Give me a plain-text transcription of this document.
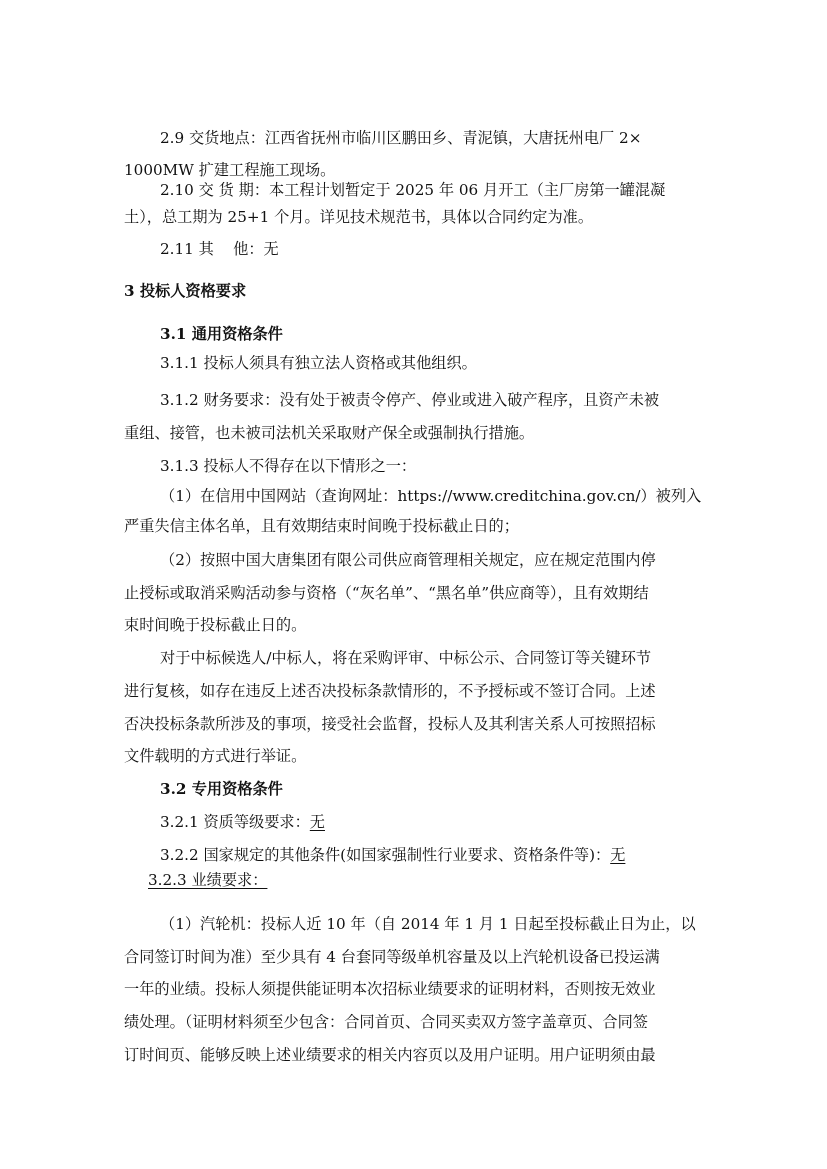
2.9 交货地点：江西省抚州市临川区鹏田乡、青泥镇，大唐抚州电厂 2×
1000MW 扩建工程施工现场。
2.10 交 货 期：本工程计划暂定于 2025 年 06 月开工（主厂房第一罐混凝
土），总工期为 25+1 个月。详见技术规范书，具体以合同约定为准。
2.11 其    他：无
3 投标人资格要求
3.1 通用资格条件
3.1.1 投标人须具有独立法人资格或其他组织。
3.1.2 财务要求：没有处于被责令停产、停业或进入破产程序，且资产未被
重组、接管，也未被司法机关采取财产保全或强制执行措施。
3.1.3 投标人不得存在以下情形之一：
（1）在信用中国网站（查询网址：https://www.creditchina.gov.cn/）被列入
严重失信主体名单，且有效期结束时间晚于投标截止日的；
（2）按照中国大唐集团有限公司供应商管理相关规定，应在规定范围内停
止授标或取消采购活动参与资格（“灰名单”、“黑名单”供应商等），且有效期结
束时间晚于投标截止日的。
对于中标候选人/中标人，将在采购评审、中标公示、合同签订等关键环节
进行复核，如存在违反上述否决投标条款情形的，不予授标或不签订合同。上述
否决投标条款所涉及的事项，接受社会监督，投标人及其利害关系人可按照招标
文件载明的方式进行举证。
3.2 专用资格条件
3.2.1 资质等级要求：无
3.2.2 国家规定的其他条件(如国家强制性行业要求、资格条件等)：无
3.2.3 业绩要求：
（1）汽轮机：投标人近 10 年（自 2014 年 1 月 1 日起至投标截止日为止，以
合同签订时间为准）至少具有 4 台套同等级单机容量及以上汽轮机设备已投运满
一年的业绩。投标人须提供能证明本次招标业绩要求的证明材料，否则按无效业
绩处理。（证明材料须至少包含：合同首页、合同买卖双方签字盖章页、合同签
订时间页、能够反映上述业绩要求的相关内容页以及用户证明。用户证明须由最
